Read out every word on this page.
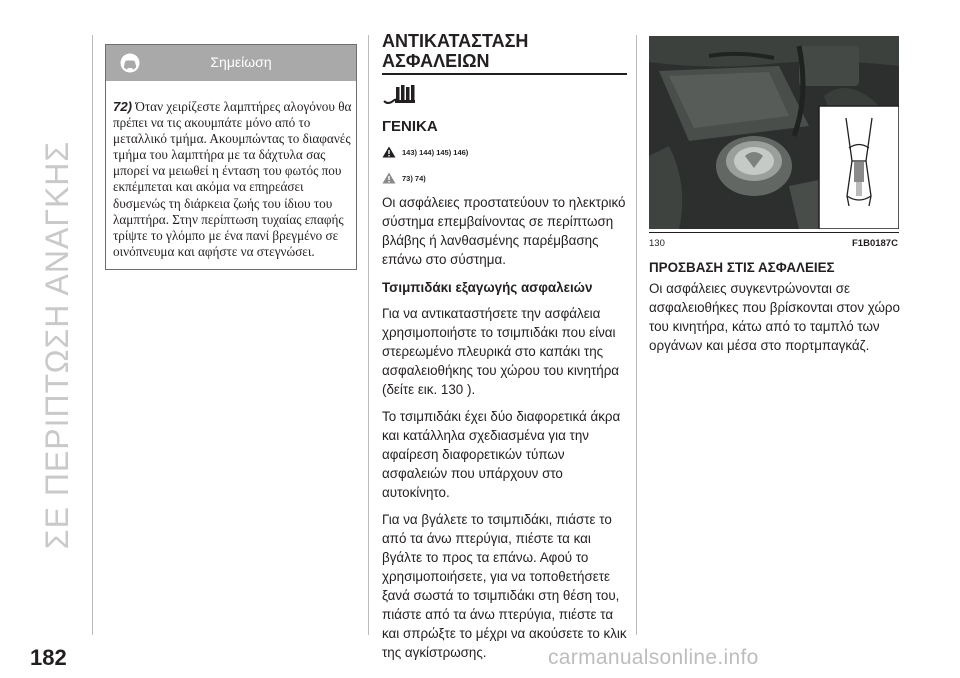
ΣΕ ΠΕΡΙΠΤΩΣΗ ΑΝΑΓΚΗΣ
Σημείωση
72) Όταν χειρίζεστε λαμπτήρες αλογόνου θα πρέπει να τις ακουμπάτε μόνο από το μεταλλικό τμήμα. Ακουμπώντας το διαφανές τμήμα του λαμπτήρα με τα δάχτυλα σας μπορεί να μειωθεί η ένταση του φωτός που εκπέμπεται και ακόμα να επηρεάσει δυσμενώς τη διάρκεια ζωής του ίδιου του λαμπτήρα. Στην περίπτωση τυχαίας επαφής τρίψτε το γλόμπο με ένα πανί βρεγμένο σε οινόπνευμα και αφήστε να στεγνώσει.
ΑΝΤΙΚΑΤΑΣΤΑΣΗ
ΑΣΦΑΛΕΙΩΝ
ΓΕΝΙΚΑ
143) 144) 145) 146)
73) 74)

Οι ασφάλειες προστατεύουν το ηλεκτρικό σύστημα επεμβαίνοντας σε περίπτωση βλάβης ή λανθασμένης παρέμβασης επάνω στο σύστημα.

Τσιμπιδάκι εξαγωγής ασφαλειών

Για να αντικαταστήσετε την ασφάλεια χρησιμοποιήστε το τσιμπιδάκι που είναι στερεωμένο πλευρικά στο καπάκι της ασφαλειοθήκης του χώρου του κινητήρα (δείτε εικ. 130 ).

Το τσιμπιδάκι έχει δύο διαφορετικά άκρα και κατάλληλα σχεδιασμένα για την αφαίρεση διαφορετικών τύπων ασφαλειών που υπάρχουν στο αυτοκίνητο.

Για να βγάλετε το τσιμπιδάκι, πιάστε το από τα άνω πτερύγια, πιέστε τα και βγάλτε το προς τα επάνω. Αφού το χρησιμοποιήσετε, για να τοποθετήσετε ξανά σωστά το τσιμπιδάκι στη θέση του, πιάστε από τα άνω πτερύγια, πιέστε τα και σπρώξτε το μέχρι να ακούσετε το κλικ της αγκίστρωσης.

130	F1B0187C

ΠΡΟΣΒΑΣΗ ΣΤΙΣ ΑΣΦΑΛΕΙΕΣ

Οι ασφάλειες συγκεντρώνονται σε ασφαλειοθήκες που βρίσκονται στον χώρο του κινητήρα, κάτω από το ταμπλό των οργάνων και μέσα στο πορτμπαγκάζ.

182	carmanualsonline.info
